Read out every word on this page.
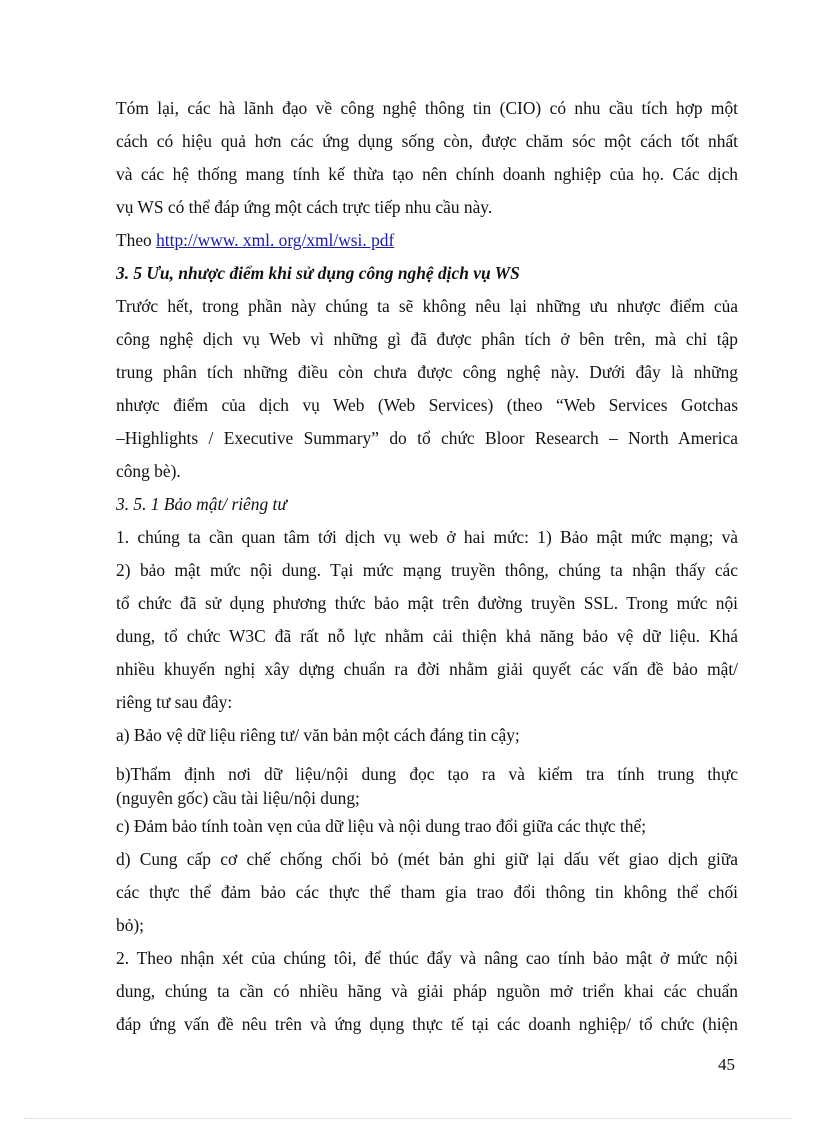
Tóm lại, các hà lãnh đạo về công nghệ thông tin (CIO) có nhu cầu tích hợp một
cách có hiệu quả hơn các ứng dụng sống còn, được chăm sóc một cách tốt nhất
và các hệ thống mang tính kế thừa tạo nên chính doanh nghiệp của họ. Các dịch
vụ WS có thể đáp ứng một cách trực tiếp nhu cầu này.
Theo http://www. xml. org/xml/wsi. pdf
3. 5 Ưu, nhược điểm khi sử dụng công nghệ dịch vụ WS
Trước hết, trong phần này chúng ta sẽ không nêu lại những ưu nhược điểm của
công nghệ dịch vụ Web vì những gì đã được phân tích ở bên trên, mà chỉ tập
trung phân tích những điều còn chưa được công nghệ này. Dưới đây là những
nhược điểm của dịch vụ Web (Web Services) (theo “Web Services Gotchas
–Highlights / Executive Summary” do tổ chức Bloor Research – North America
công bè).
3. 5. 1 Bảo mật/ riêng tư
1. chúng ta cần quan tâm tới dịch vụ web ở hai mức: 1) Bảo mật mức mạng; và
2) bảo mật mức nội dung. Tại mức mạng truyền thông, chúng ta nhận thấy các
tổ chức đã sử dụng phương thức bảo mật trên đường truyền SSL. Trong mức nội
dung, tổ chức W3C đã rất nỗ lực nhằm cải thiện khả năng bảo vệ dữ liệu. Khá
nhiều khuyến nghị xây dựng chuẩn ra đời nhằm giải quyết các vấn đề bảo mật/
riêng tư sau đây:
a) Bảo vệ dữ liệu riêng tư/ văn bản một cách đáng tin cậy;
b)Thẩm định nơi dữ liệu/nội dung đọc tạo ra và kiểm tra tính trung thực
(nguyên gốc) cầu tài liệu/nội dung;
c) Đảm bảo tính toàn vẹn của dữ liệu và nội dung trao đổi giữa các thực thể;
d) Cung cấp cơ chế chống chối bỏ (mét bản ghi giữ lại dấu vết giao dịch giữa
các thực thể đảm bảo các thực thể tham gia trao đổi thông tin không thể chối
bỏ);
2. Theo nhận xét của chúng tôi, để thúc đẩy và nâng cao tính bảo mật ở mức nội
dung, chúng ta cần có nhiều hãng và giải pháp nguồn mở triển khai các chuẩn
đáp ứng vấn đề nêu trên và ứng dụng thực tế tại các doanh nghiệp/ tổ chức (hiện
45
